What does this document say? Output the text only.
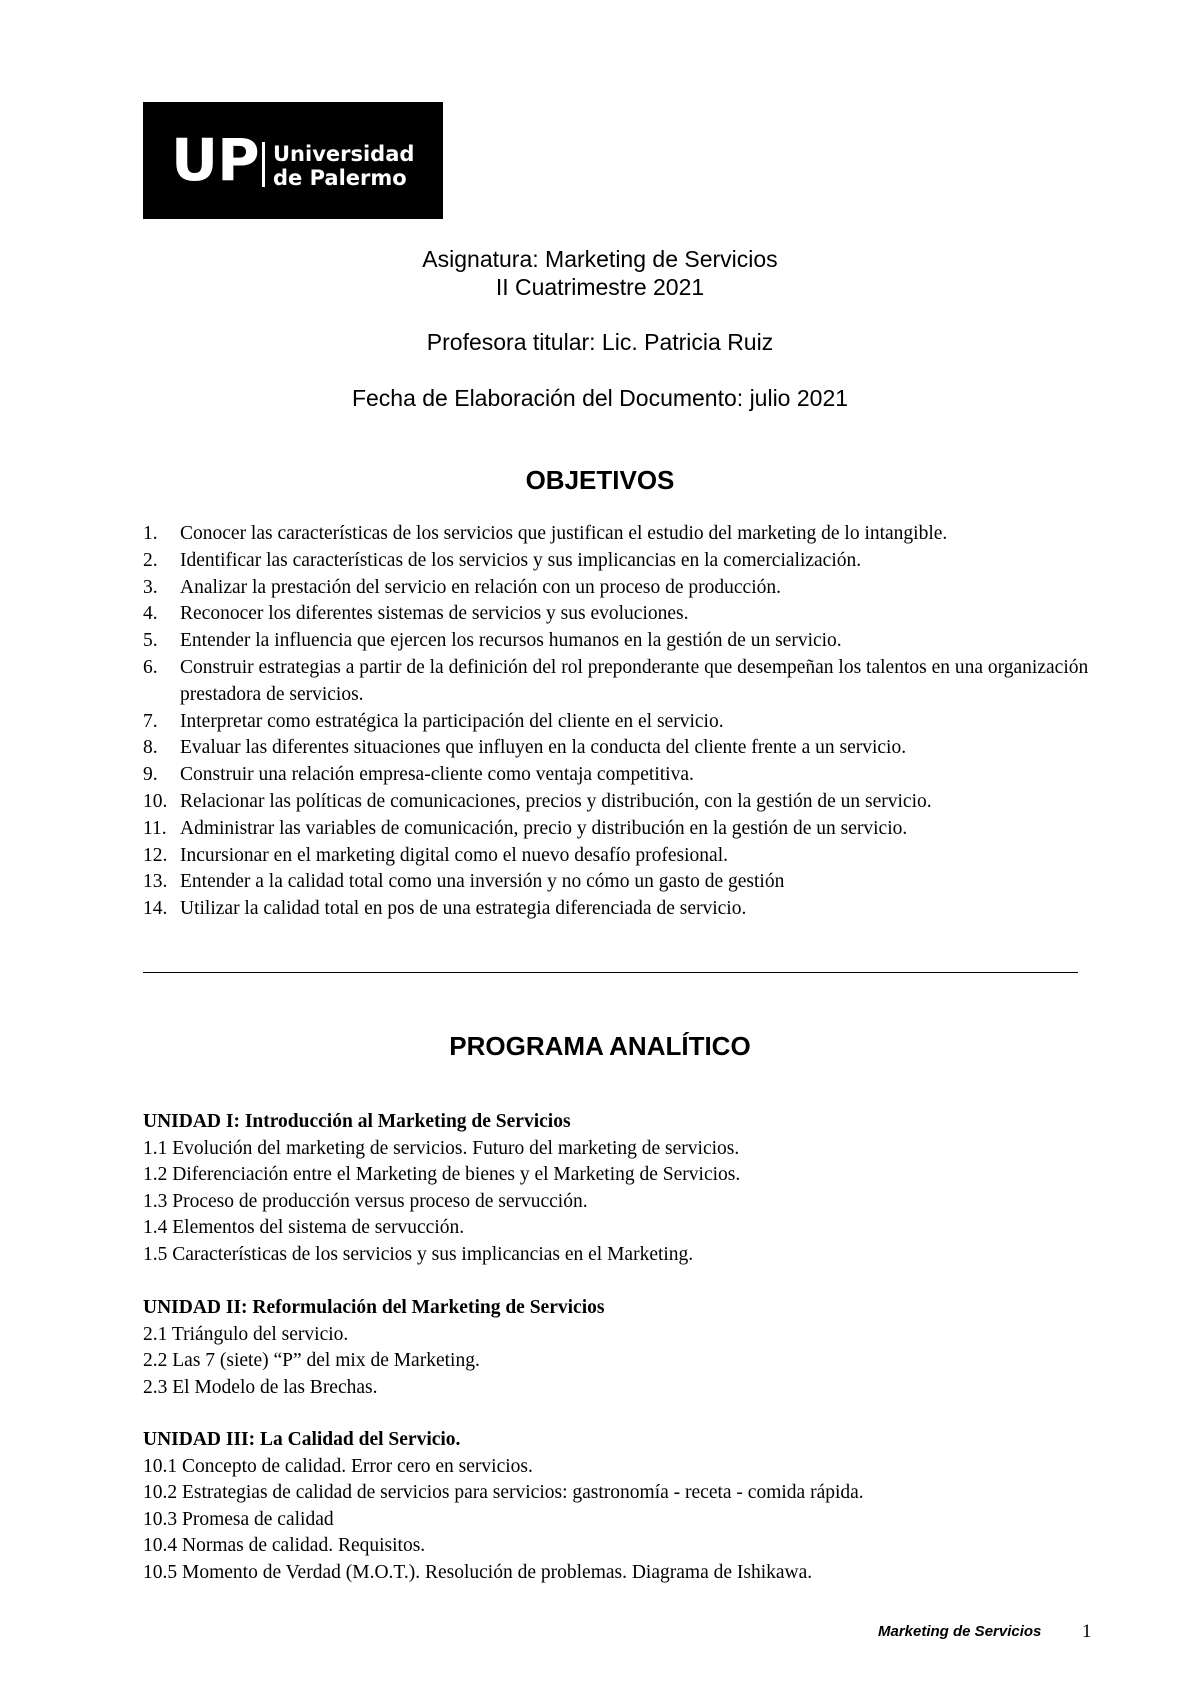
UP Universidad
de Palermo
Asignatura: Marketing de Servicios
II Cuatrimestre 2021
Profesora titular: Lic. Patricia Ruiz
Fecha de Elaboración del Documento: julio 2021
OBJETIVOS
1. Conocer las características de los servicios que justifican el estudio del marketing de lo intangible.
2. Identificar las características de los servicios y sus implicancias en la comercialización.
3. Analizar la prestación del servicio en relación con un proceso de producción.
4. Reconocer los diferentes sistemas de servicios y sus evoluciones.
5. Entender la influencia que ejercen los recursos humanos en la gestión de un servicio.
6. Construir estrategias a partir de la definición del rol preponderante que desempeñan los talentos en una organización prestadora de servicios.
7. Interpretar como estratégica la participación del cliente en el servicio.
8. Evaluar las diferentes situaciones que influyen en la conducta del cliente frente a un servicio.
9. Construir una relación empresa-cliente como ventaja competitiva.
10. Relacionar las políticas de comunicaciones, precios y distribución, con la gestión de un servicio.
11. Administrar las variables de comunicación, precio y distribución en la gestión de un servicio.
12. Incursionar en el marketing digital como el nuevo desafío profesional.
13. Entender a la calidad total como una inversión y no cómo un gasto de gestión
14. Utilizar la calidad total en pos de una estrategia diferenciada de servicio.
PROGRAMA ANALÍTICO
UNIDAD I: Introducción al Marketing de Servicios
1.1 Evolución del marketing de servicios. Futuro del marketing de servicios.
1.2 Diferenciación entre el Marketing de bienes y el Marketing de Servicios.
1.3 Proceso de producción versus proceso de servucción.
1.4 Elementos del sistema de servucción.
1.5 Características de los servicios y sus implicancias en el Marketing.
UNIDAD II: Reformulación del Marketing de Servicios
2.1 Triángulo del servicio.
2.2 Las 7 (siete) “P” del mix de Marketing.
2.3 El Modelo de las Brechas.
UNIDAD III: La Calidad del Servicio.
10.1 Concepto de calidad. Error cero en servicios.
10.2 Estrategias de calidad de servicios para servicios: gastronomía - receta - comida rápida.
10.3 Promesa de calidad
10.4 Normas de calidad. Requisitos.
10.5 Momento de Verdad (M.O.T.). Resolución de problemas. Diagrama de Ishikawa.
Marketing de Servicios 1
